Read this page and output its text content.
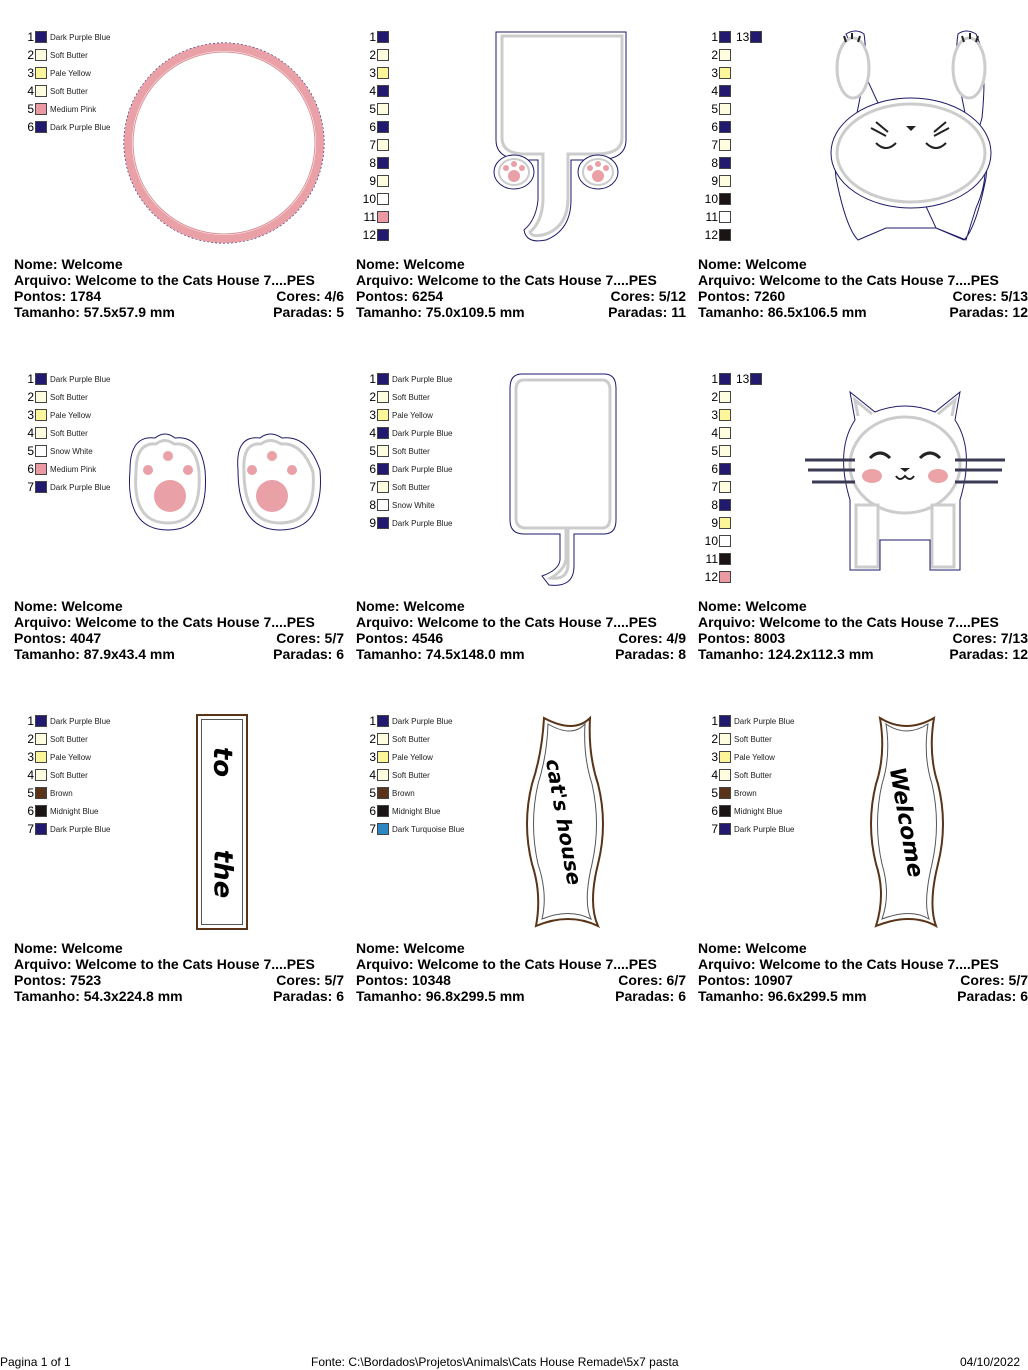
1 Dark Purple Blue
2 Soft Butter
3 Pale Yellow
4 Soft Butter
5 Medium Pink
6 Dark Purple Blue
Nome: Welcome
Arquivo: Welcome to the Cats House 7....PES
Pontos: 1784	Cores: 4/6
Tamanho: 57.5x57.9 mm	Paradas: 5
1
2
3
4
5
6
7
8
9
10
11
12
Nome: Welcome
Arquivo: Welcome to the Cats House 7....PES
Pontos: 6254	Cores: 5/12
Tamanho: 75.0x109.5 mm	Paradas: 11
1 13
2
3
4
5
6
7
8
9
10
11
12
Nome: Welcome
Arquivo: Welcome to the Cats House 7....PES
Pontos: 7260	Cores: 5/13
Tamanho: 86.5x106.5 mm	Paradas: 12
1 Dark Purple Blue
2 Soft Butter
3 Pale Yellow
4 Soft Butter
5 Snow White
6 Medium Pink
7 Dark Purple Blue
Nome: Welcome
Arquivo: Welcome to the Cats House 7....PES
Pontos: 4047	Cores: 5/7
Tamanho: 87.9x43.4 mm	Paradas: 6
1 Dark Purple Blue
2 Soft Butter
3 Pale Yellow
4 Dark Purple Blue
5 Soft Butter
6 Dark Purple Blue
7 Soft Butter
8 Snow White
9 Dark Purple Blue
Nome: Welcome
Arquivo: Welcome to the Cats House 7....PES
Pontos: 4546	Cores: 4/9
Tamanho: 74.5x148.0 mm	Paradas: 8
1 13
2
3
4
5
6
7
8
9
10
11
12
Nome: Welcome
Arquivo: Welcome to the Cats House 7....PES
Pontos: 8003	Cores: 7/13
Tamanho: 124.2x112.3 mm	Paradas: 12
1 Dark Purple Blue
2 Soft Butter
3 Pale Yellow
4 Soft Butter
5 Brown
6 Midnight Blue
7 Dark Purple Blue
to
the
Nome: Welcome
Arquivo: Welcome to the Cats House 7....PES
Pontos: 7523	Cores: 5/7
Tamanho: 54.3x224.8 mm	Paradas: 6
1 Dark Purple Blue
2 Soft Butter
3 Pale Yellow
4 Soft Butter
5 Brown
6 Midnight Blue
7 Dark Turquoise Blue	cat's house
Nome: Welcome
Arquivo: Welcome to the Cats House 7....PES
Pontos: 10348	Cores: 6/7
Tamanho: 96.8x299.5 mm	Paradas: 6
1 Dark Purple Blue
2 Soft Butter
3 Pale Yellow
4 Soft Butter
5 Brown
6 Midnight Blue
7 Dark Purple Blue	Welcome
Nome: Welcome
Arquivo: Welcome to the Cats House 7....PES
Pontos: 10907	Cores: 5/7
Tamanho: 96.6x299.5 mm	Paradas: 6
Pagina 1 of 1	Fonte: C:\Bordados\Projetos\Animals\Cats House Remade\5x7 pasta	04/10/2022
